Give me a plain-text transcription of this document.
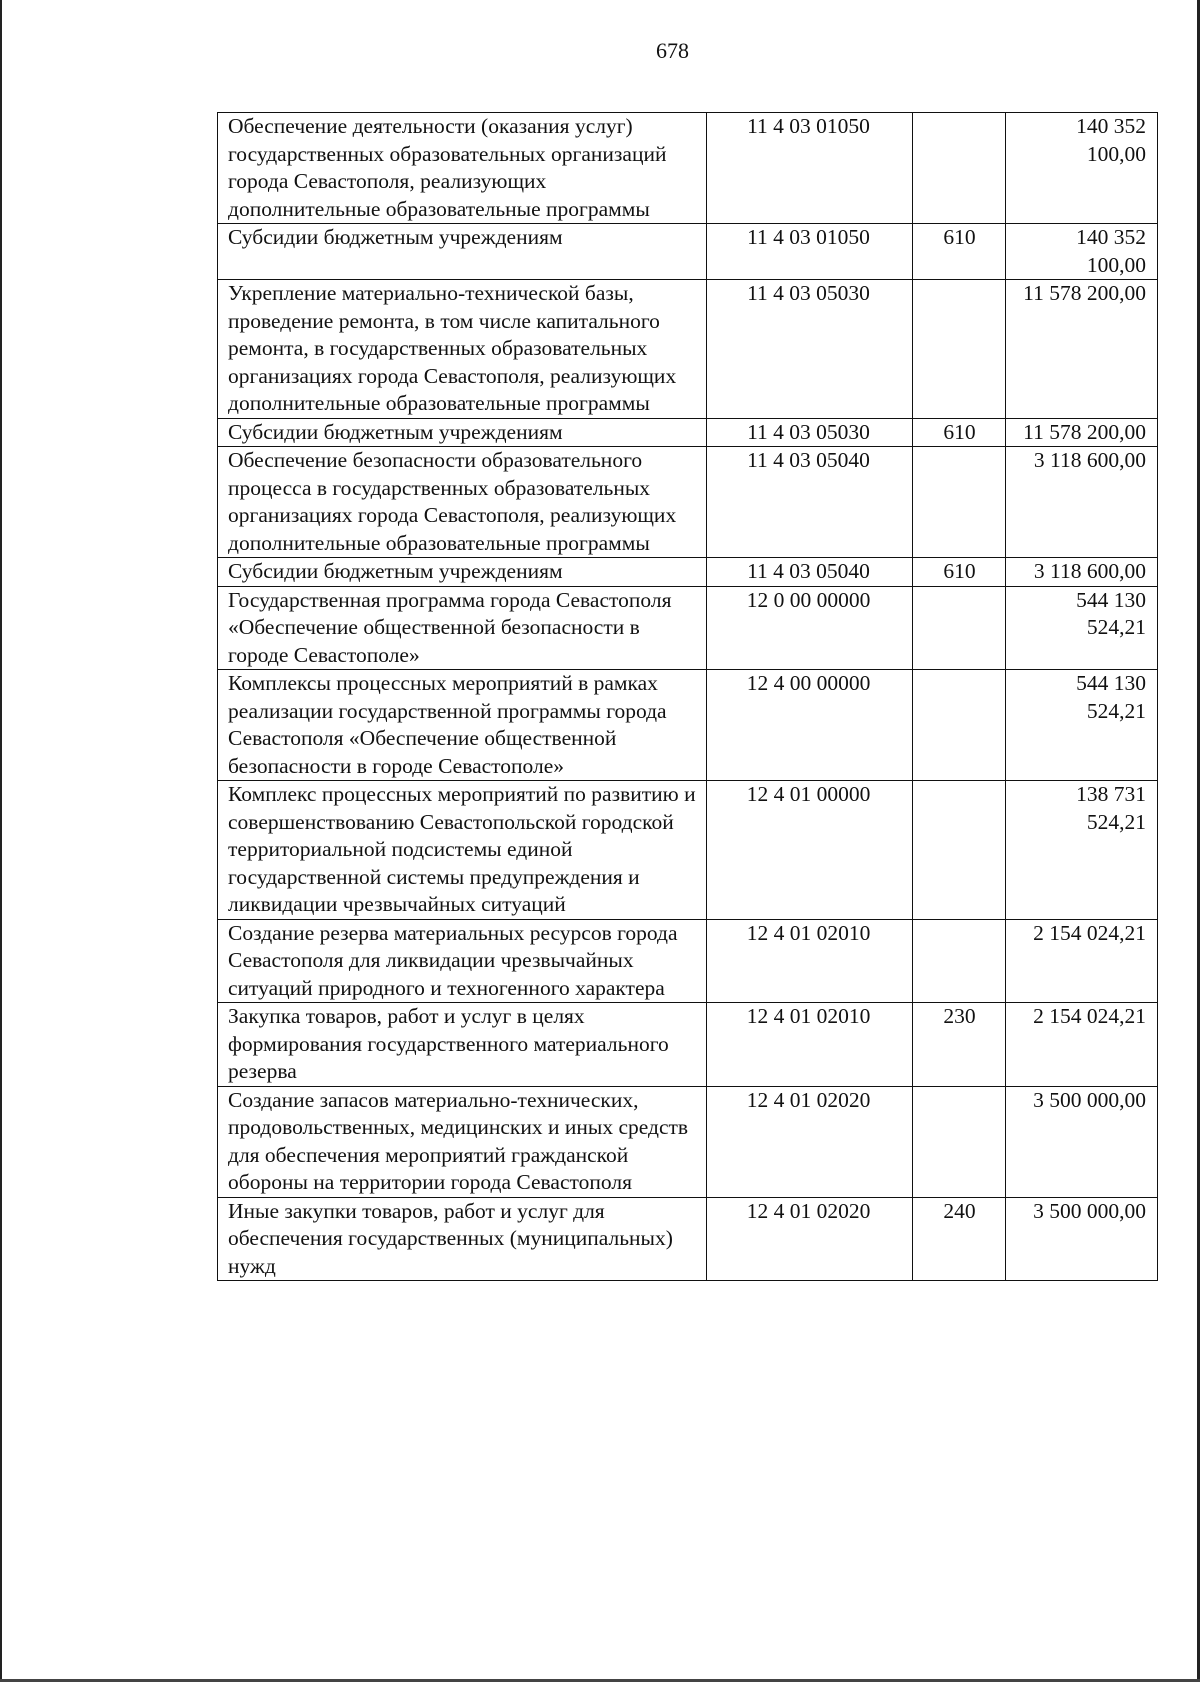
678
Обеспечение деятельности (оказания услуг) государственных образовательных организаций города Севастополя, реализующих дополнительные образовательные программы	11 4 03 01050		140 352 100,00
Субсидии бюджетным учреждениям	11 4 03 01050	610	140 352 100,00
Укрепление материально-технической базы, проведение ремонта, в том числе капитального ремонта, в государственных образовательных организациях города Севастополя, реализующих дополнительные образовательные программы	11 4 03 05030		11 578 200,00
Субсидии бюджетным учреждениям	11 4 03 05030	610	11 578 200,00
Обеспечение безопасности образовательного процесса в государственных образовательных организациях города Севастополя, реализующих дополнительные образовательные программы	11 4 03 05040		3 118 600,00
Субсидии бюджетным учреждениям	11 4 03 05040	610	3 118 600,00
Государственная программа города Севастополя «Обеспечение общественной безопасности в городе Севастополе»	12 0 00 00000		544 130 524,21
Комплексы процессных мероприятий в рамках реализации государственной программы города Севастополя «Обеспечение общественной безопасности в городе Севастополе»	12 4 00 00000		544 130 524,21
Комплекс процессных мероприятий по развитию и совершенствованию Севастопольской городской территориальной подсистемы единой государственной системы предупреждения и ликвидации чрезвычайных ситуаций	12 4 01 00000		138 731 524,21
Создание резерва материальных ресурсов города Севастополя для ликвидации чрезвычайных ситуаций природного и техногенного характера	12 4 01 02010		2 154 024,21
Закупка товаров, работ и услуг в целях формирования государственного материального резерва	12 4 01 02010	230	2 154 024,21
Создание запасов материально-технических, продовольственных, медицинских и иных средств для обеспечения мероприятий гражданской обороны на территории города Севастополя	12 4 01 02020		3 500 000,00
Иные закупки товаров, работ и услуг для обеспечения государственных (муниципальных) нужд	12 4 01 02020	240	3 500 000,00
